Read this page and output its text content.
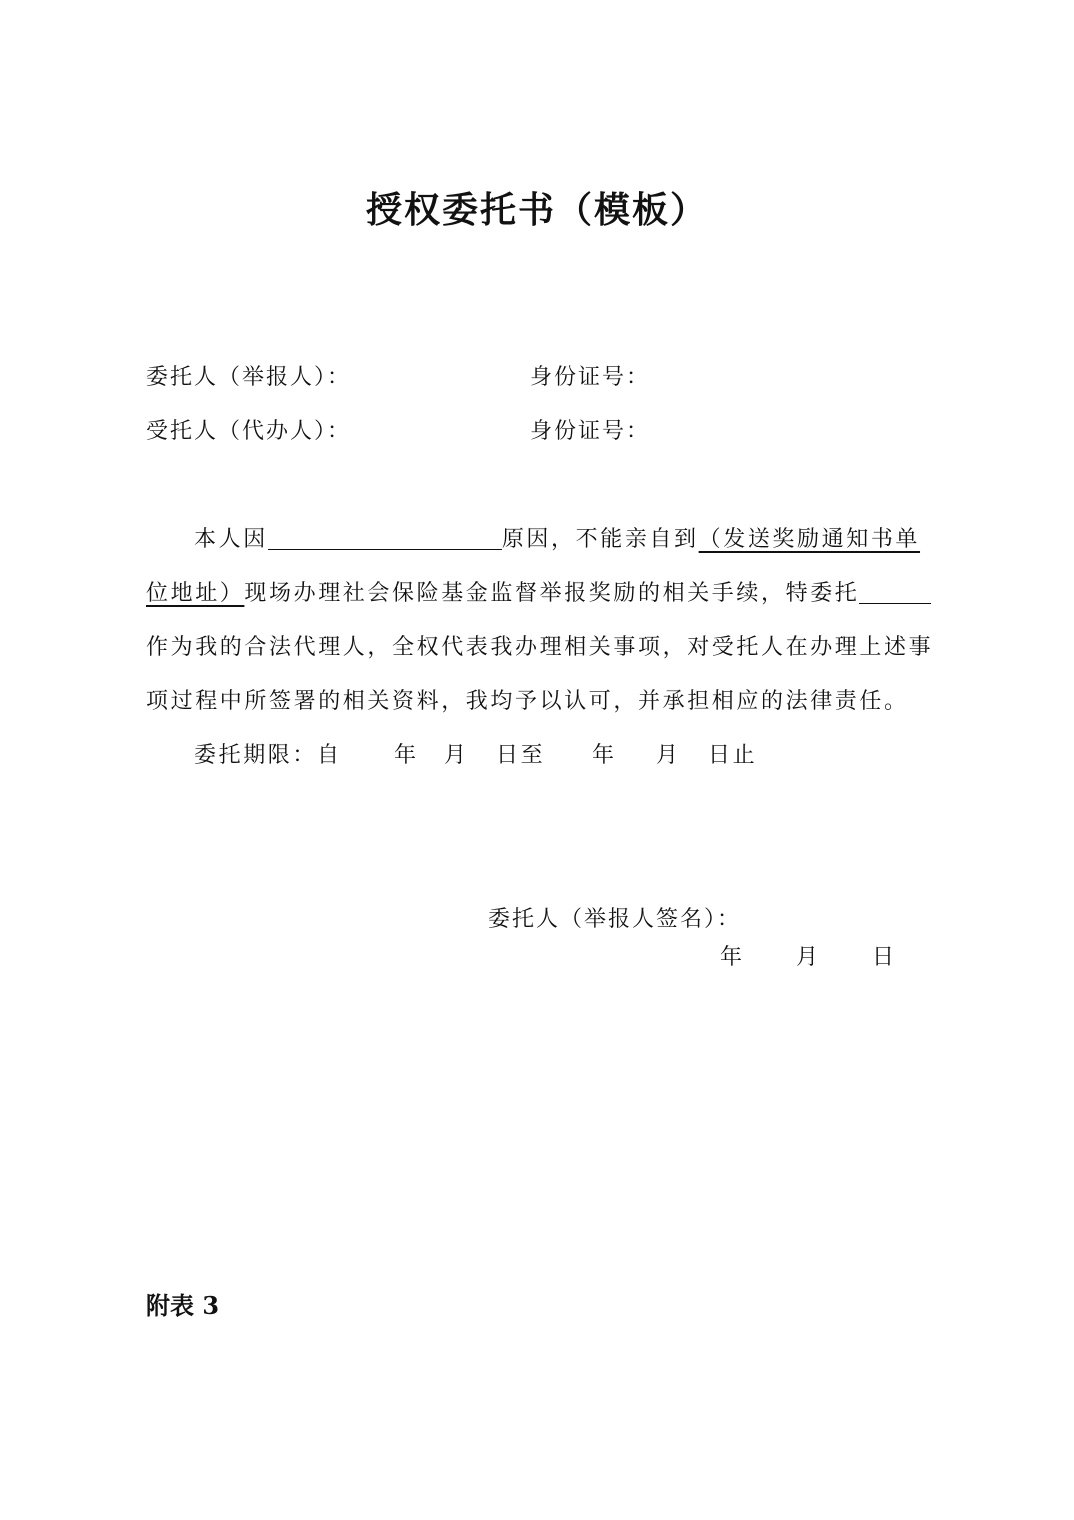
授权委托书（模板）
委托人（举报人）：	身份证号：
受托人（代办人）：	身份证号：
本人因	原因，不能亲自到（发送奖励通知书单
位地址）现场办理社会保险基金监督举报奖励的相关手续，特委托
作为我的合法代理人，全权代表我办理相关事项，对受托人在办理上述事
项过程中所签署的相关资料，我均予以认可，并承担相应的法律责任。
委托期限：自 年 月 日至 年 月 日止
委托人（举报人签名）：
年 月 日
附表 3
